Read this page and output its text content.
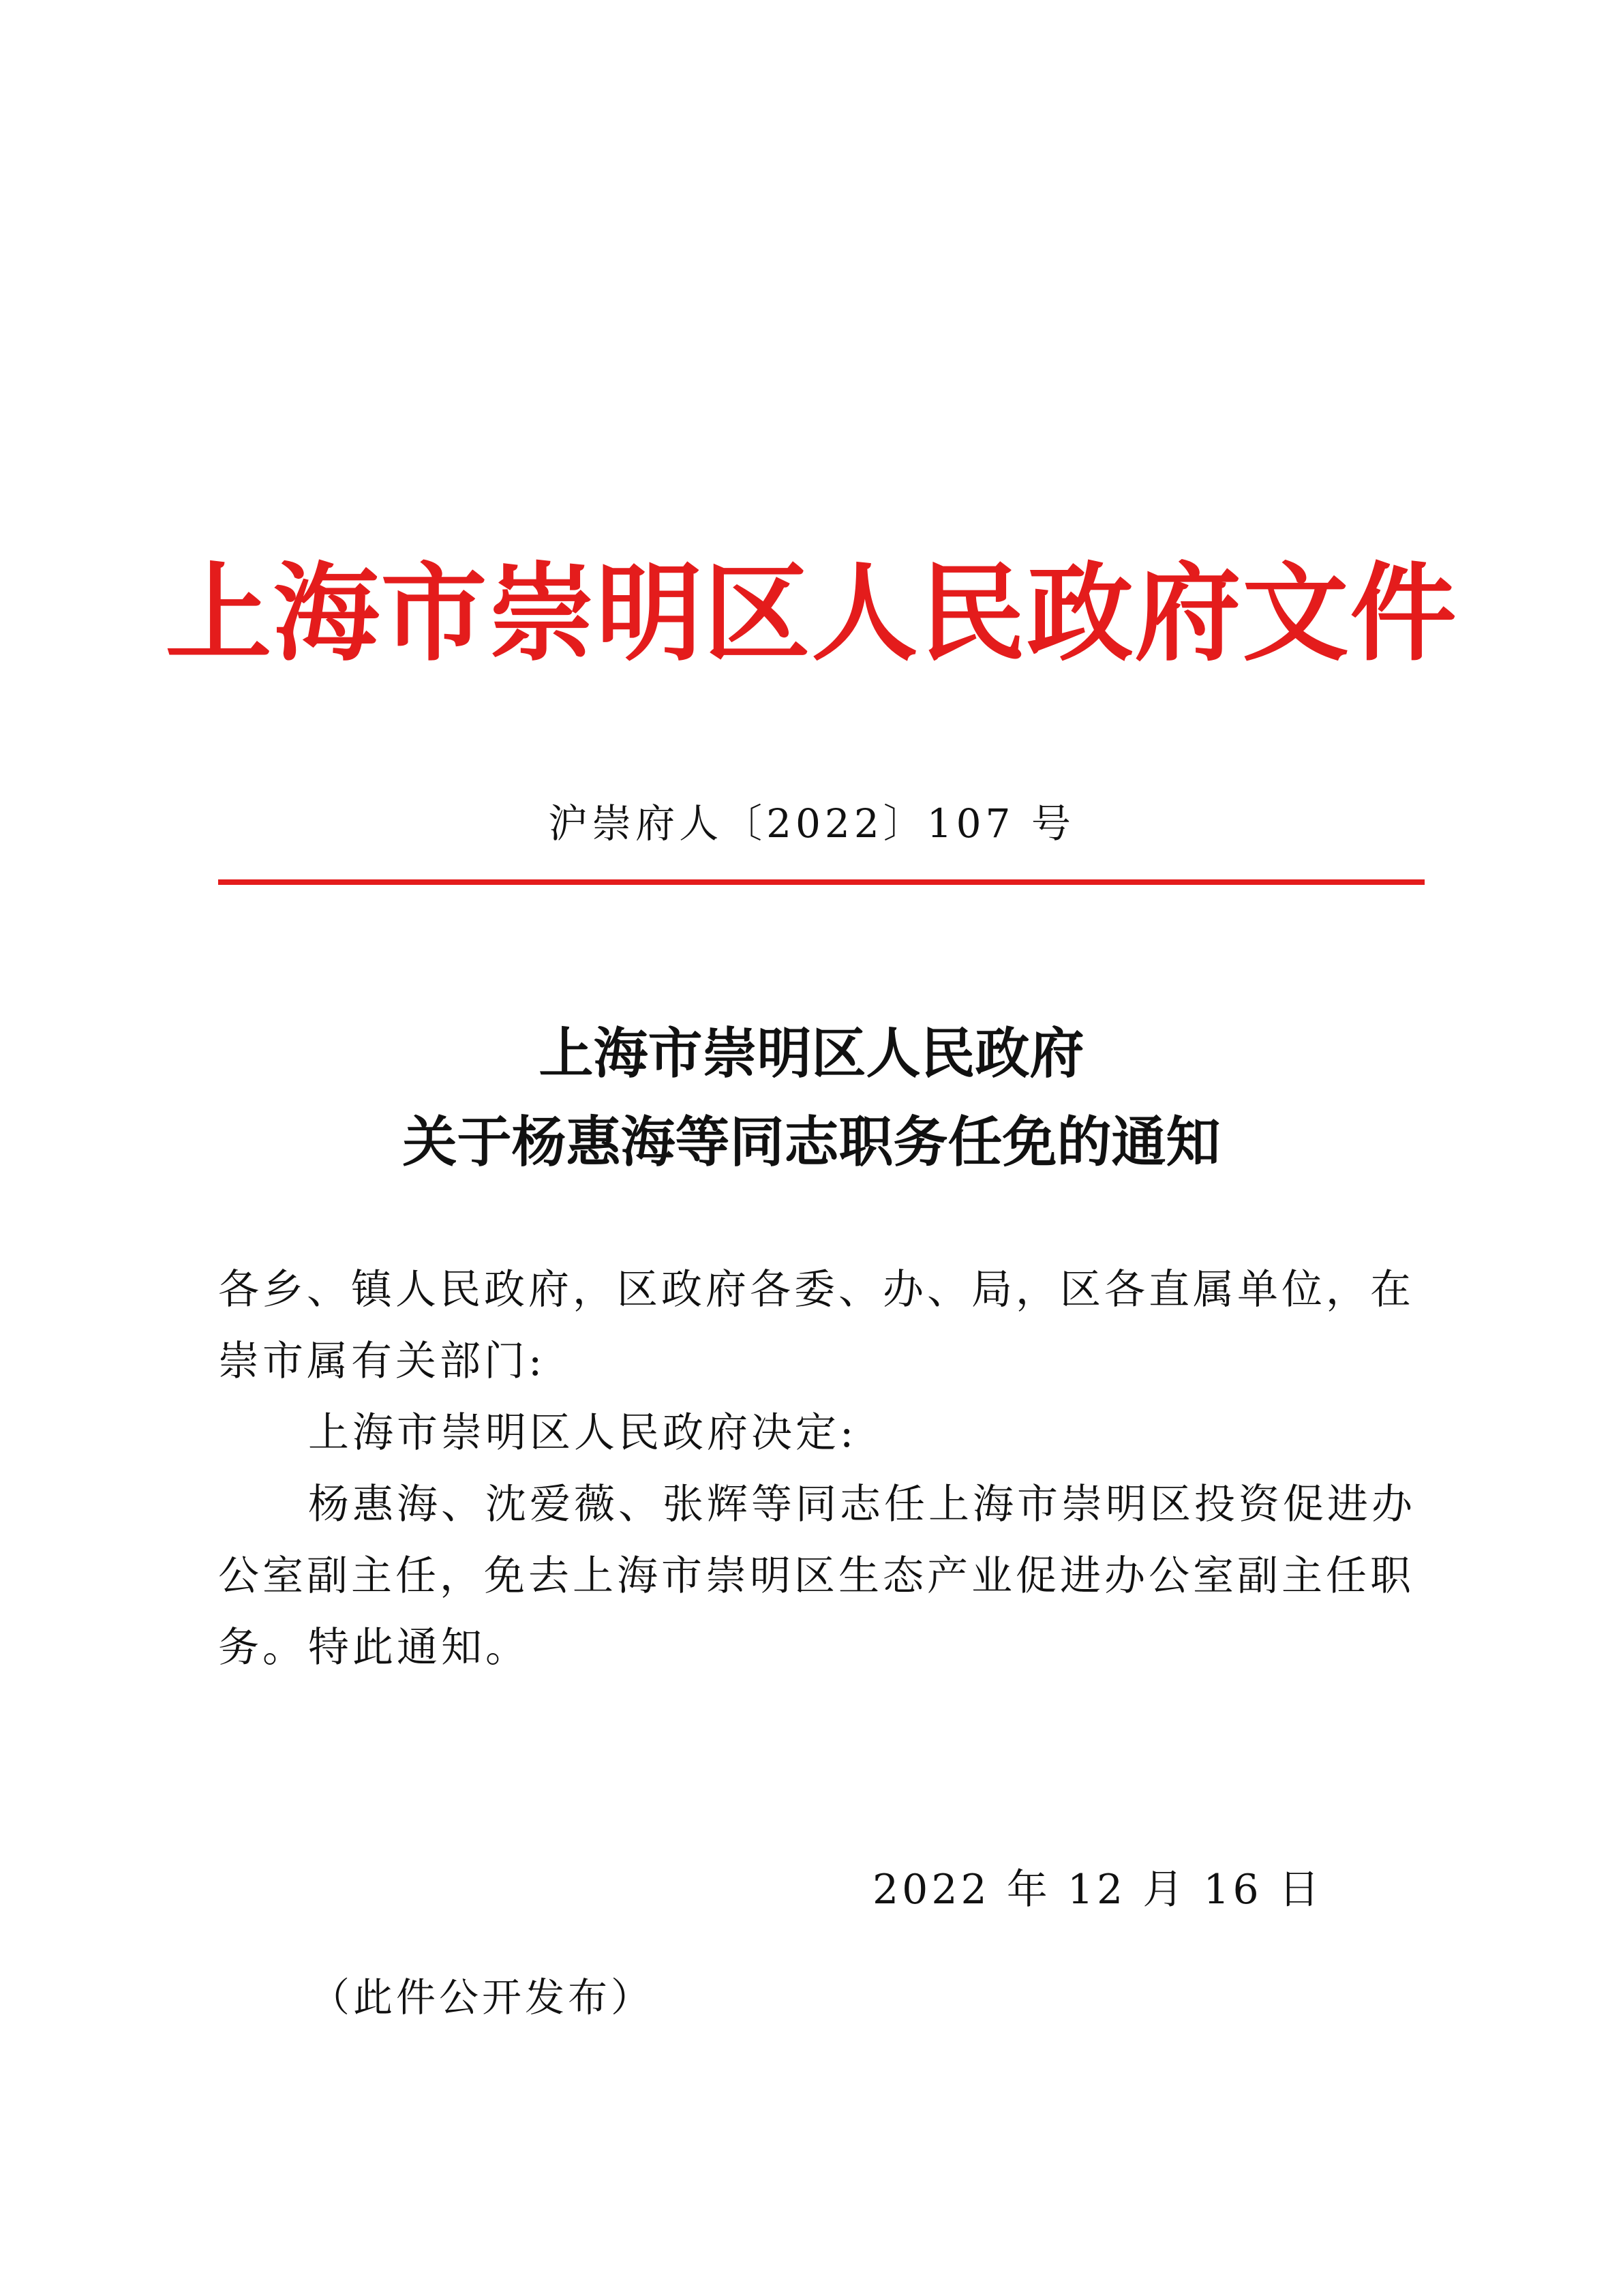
上海市崇明区人民政府文件
沪崇府人〔2022〕107 号
上海市崇明区人民政府
关于杨惠海等同志职务任免的通知
各乡、镇人民政府，区政府各委、办、局，区各直属单位，在崇市属有关部门:
上海市崇明区人民政府决定:
杨惠海、沈爱薇、张辉等同志任上海市崇明区投资促进办公室副主任，免去上海市崇明区生态产业促进办公室副主任职务。 特此通知。
2022 年 12 月 16 日
（此件公开发布）
